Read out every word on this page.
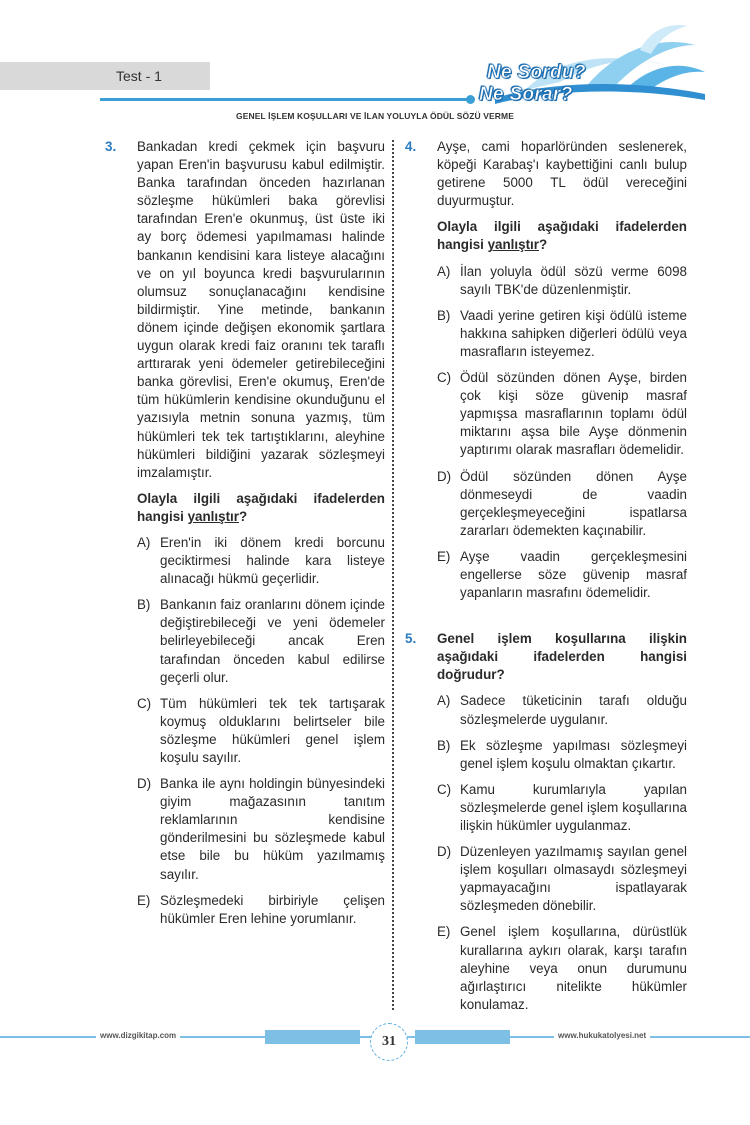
Test - 1	Ne Sordu?
Ne Sorar?
GENEL İŞLEM KOŞULLARI VE İLAN YOLUYLA ÖDÜL SÖZÜ VERME
3. Bankadan kredi çekmek için başvuru yapan Eren'in başvurusu kabul edilmiştir. Banka tarafından önceden hazırlanan sözleşme hükümleri baka görevlisi tarafından Eren'e okunmuş, üst üste iki ay borç ödemesi yapılmaması halinde bankanın kendisini kara listeye alacağını ve on yıl boyunca kredi başvurularının olumsuz sonuçlanacağını kendisine bildirmiştir. Yine metinde, bankanın dönem içinde değişen ekonomik şartlara uygun olarak kredi faiz oranını tek taraflı arttırarak yeni ödemeler getirebileceğini banka görevlisi, Eren'e okumuş, Eren'de tüm hükümlerin kendisine okunduğunu el yazısıyla metnin sonuna yazmış, tüm hükümleri tek tek tartıştıklarını, aleyhine hükümleri bildiğini yazarak sözleşmeyi imzalamıştır.
Olayla ilgili aşağıdaki ifadelerden hangisi yanlıştır?
A) Eren'in iki dönem kredi borcunu geciktirmesi halinde kara listeye alınacağı hükmü geçerlidir.
B) Bankanın faiz oranlarını dönem içinde değiştirebileceği ve yeni ödemeler belirleyebileceği ancak Eren tarafından önceden kabul edilirse geçerli olur.
C) Tüm hükümleri tek tek tartışarak koymuş olduklarını belirtseler bile sözleşme hükümleri genel işlem koşulu sayılır.
D) Banka ile aynı holdingin bünyesindeki giyim mağazasının tanıtım reklamlarının kendisine gönderilmesini bu sözleşmede kabul etse bile bu hüküm yazılmamış sayılır.
E) Sözleşmedeki birbiriyle çelişen hükümler Eren lehine yorumlanır.
4. Ayşe, cami hoparlöründen seslenerek, köpeği Karabaş'ı kaybettiğini canlı bulup getirene 5000 TL ödül vereceğini duyurmuştur.
Olayla ilgili aşağıdaki ifadelerden hangisi yanlıştır?
A) İlan yoluyla ödül sözü verme 6098 sayılı TBK'de düzenlenmiştir.
B) Vaadi yerine getiren kişi ödülü isteme hakkına sahipken diğerleri ödülü veya masrafların isteyemez.
C) Ödül sözünden dönen Ayşe, birden çok kişi söze güvenip masraf yapmışsa masraflarının toplamı ödül miktarını aşsa bile Ayşe dönmenin yaptırımı olarak masrafları ödemelidir.
D) Ödül sözünden dönen Ayşe dönmeseydi de vaadin gerçekleşmeyeceğini ispatlarsa zararları ödemekten kaçınabilir.
E) Ayşe vaadin gerçekleşmesini engellerse söze güvenip masraf yapanların masrafını ödemelidir.
5. Genel işlem koşullarına ilişkin aşağıdaki ifadelerden hangisi doğrudur?
A) Sadece tüketicinin tarafı olduğu sözleşmelerde uygulanır.
B) Ek sözleşme yapılması sözleşmeyi genel işlem koşulu olmaktan çıkartır.
C) Kamu kurumlarıyla yapılan sözleşmelerde genel işlem koşullarına ilişkin hükümler uygulanmaz.
D) Düzenleyen yazılmamış sayılan genel işlem koşulları olmasaydı sözleşmeyi yapmayacağını ispatlayarak sözleşmeden dönebilir.
E) Genel işlem koşullarına, dürüstlük kurallarına aykırı olarak, karşı tarafın aleyhine veya onun durumunu ağırlaştırıcı nitelikte hükümler konulamaz.
www.dizgikitap.com	www.hukukatolyesi.net
31
